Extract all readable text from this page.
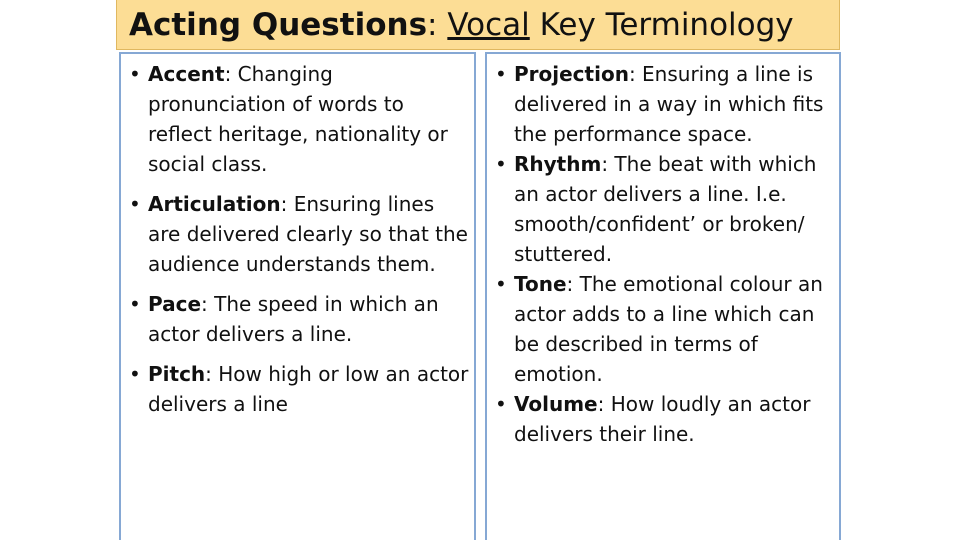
Acting Questions: Vocal Key Terminology
• Accent: Changing pronunciation of words to reflect heritage, nationality or social class.
• Articulation: Ensuring lines are delivered clearly so that the audience understands them.
• Pace: The speed in which an actor delivers a line.
• Pitch: How high or low an actor delivers a line
• Projection: Ensuring a line is delivered in a way in which fits the performance space.
• Rhythm: The beat with which an actor delivers a line. I.e. smooth/confident’ or broken/ stuttered.
• Tone: The emotional colour an actor adds to a line which can be described in terms of emotion.
• Volume: How loudly an actor delivers their line.
